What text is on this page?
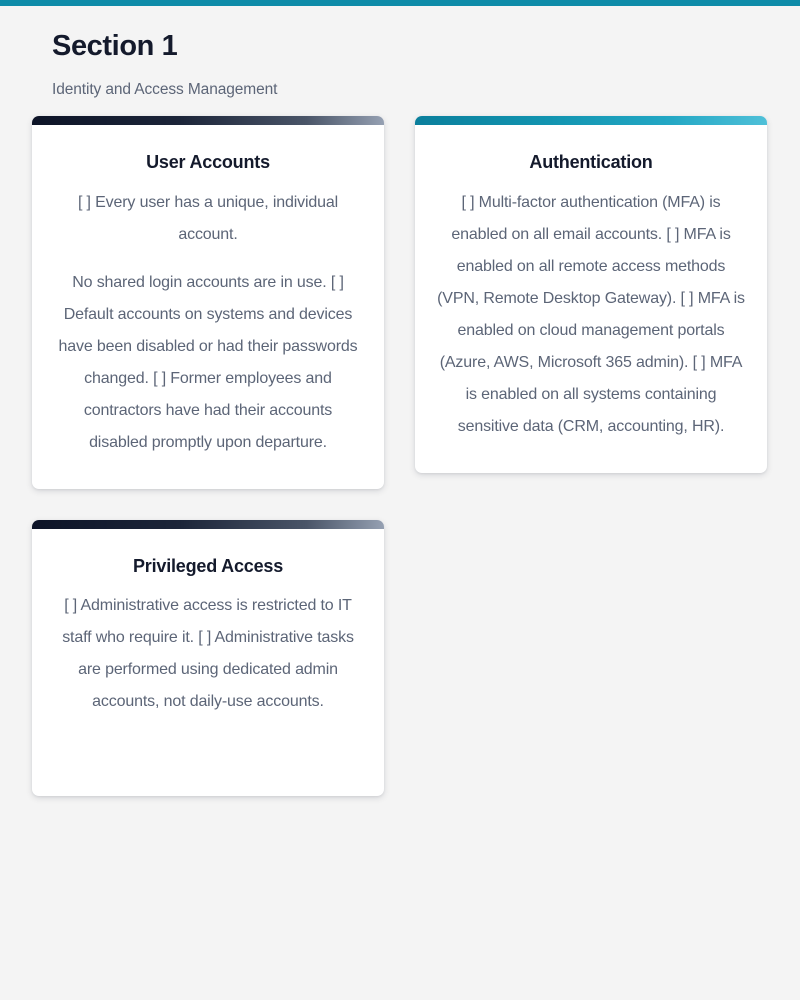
Section 1
Identity and Access Management
User Accounts
[ ] Every user has a unique, individual account.
No shared login accounts are in use. [ ] Default accounts on systems and devices have been disabled or had their passwords changed. [ ] Former employees and contractors have had their accounts disabled promptly upon departure.
Authentication
[ ] Multi-factor authentication (MFA) is enabled on all email accounts. [ ] MFA is enabled on all remote access methods (VPN, Remote Desktop Gateway). [ ] MFA is enabled on cloud management portals (Azure, AWS, Microsoft 365 admin). [ ] MFA is enabled on all systems containing sensitive data (CRM, accounting, HR).
Privileged Access
[ ] Administrative access is restricted to IT staff who require it. [ ] Administrative tasks are performed using dedicated admin accounts, not daily-use accounts.
